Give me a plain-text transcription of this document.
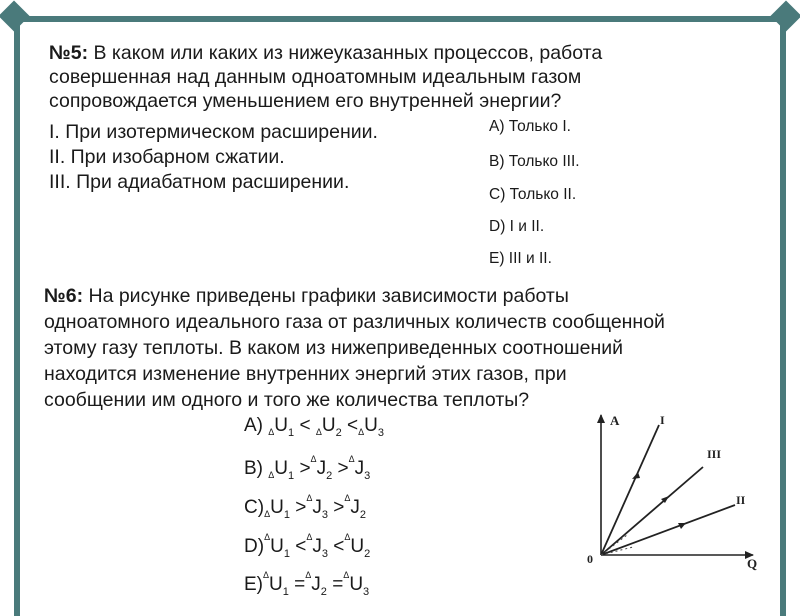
№5: В каком или каких из нижеуказанных процессов, работа
совершенная над данным одноатомным идеальным газом
сопровождается уменьшением его внутренней энергии?
I. При изотермическом расширении.
II. При изобарном сжатии.
III. При адиабатном расширении.
A) Только I.
B) Только III.
C) Только II.
D) I и II.
E) III и II.
№6: На рисунке приведены графики зависимости работы
одноатомного идеального газа от различных количеств сообщенной
этому газу теплоты. В каком из нижеприведенных соотношений
находится изменение внутренних энергий этих газов, при
сообщении им одного и того же количества теплоты?
A) $_\Delta U_1 < _\Delta U_2 <_\Delta U_3$
B) $_\Delta U_1 >^\Delta J_2 >^\Delta J_3$
$C)_\Delta U_1 >^\Delta J_3 >^\Delta J_2$
$D)^\Delta U_1 <^\Delta J_3 <^\Delta U_2$
$E)^\Delta U_1 =^\Delta J_2 =^\Delta U_3$
A
Q
0
I
III
II
